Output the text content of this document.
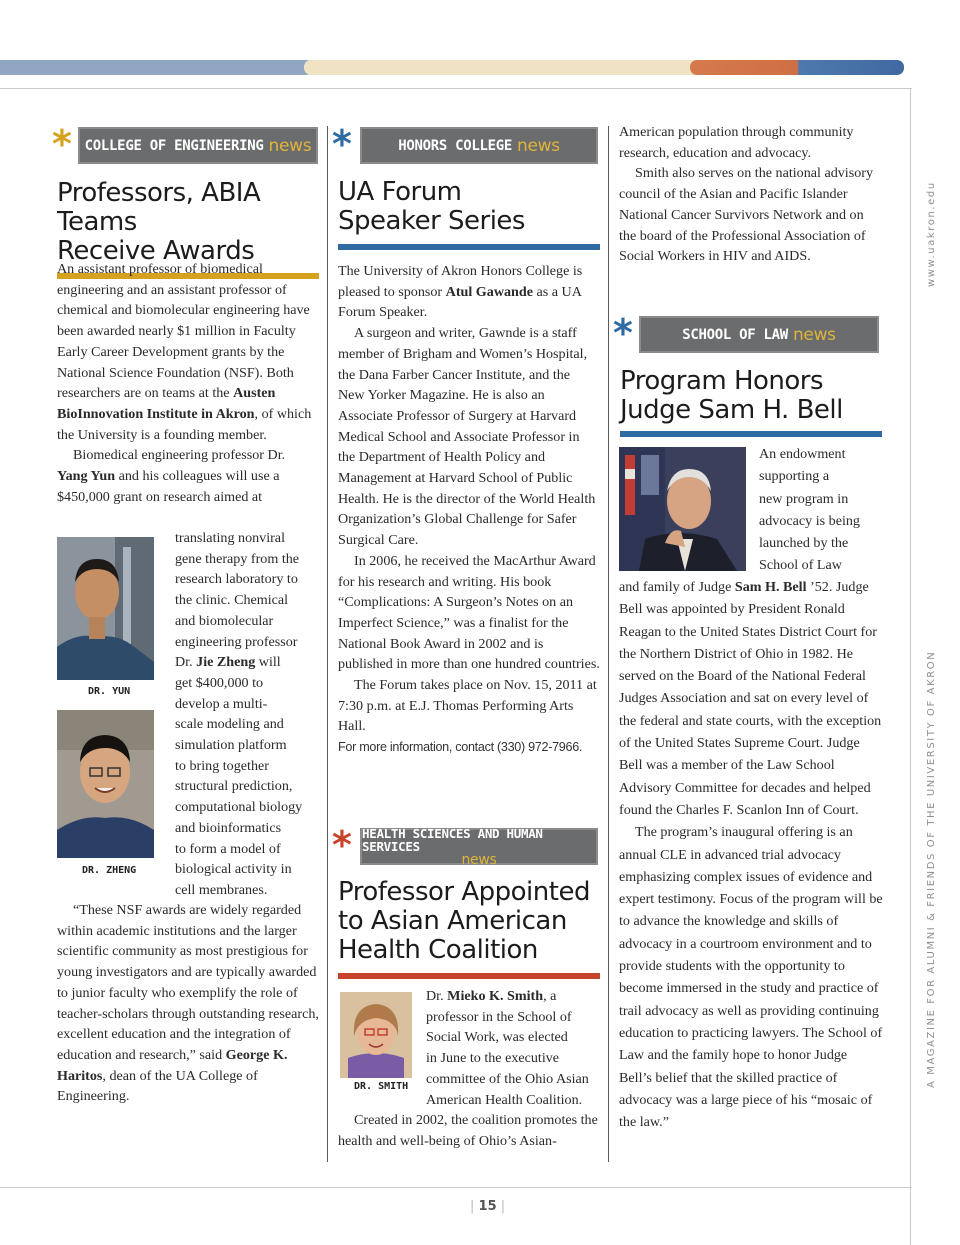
www.uakron.edu
A MAGAZINE FOR ALUMNI & FRIENDS OF THE UNIVERSITY OF AKRON
* COLLEGE OF ENGINEERING news
Professors, ABIA Teams
Receive Awards

An assistant professor of biomedical engineering and an assistant professor of chemical and biomolecular engineering have been awarded nearly $1 million in Faculty Early Career Development grants by the National Science Foundation (NSF). Both researchers are on teams at the Austen BioInnovation Institute in Akron, of which the University is a founding member.

Biomedical engineering professor Dr. Yang Yun and his colleagues will use a $450,000 grant on research aimed at

DR. YUN
DR. ZHENG
translating nonviral
gene therapy from the
research laboratory to
the clinic. Chemical
and biomolecular
engineering professor
Dr. Jie Zheng will
get $400,000 to
develop a multi-
scale modeling and
simulation platform
to bring together
structural prediction,
computational biology
and bioinformatics
to form a model of
biological activity in
cell membranes.

“These NSF awards are widely regarded within academic institutions and the larger scientific community as most prestigious for young investigators and are typically awarded to junior faculty who exemplify the role of teacher-scholars through outstanding research, excellent education and the integration of education and research,” said George K. Haritos, dean of the UA College of Engineering.

*	HONORS COLLEGE news
UA Forum
Speaker Series

The University of Akron Honors College is pleased to sponsor Atul Gawande as a UA Forum Speaker.

A surgeon and writer, Gawnde is a staff member of Brigham and Women’s Hospital, the Dana Farber Cancer Institute, and the New Yorker Magazine. He is also an Associate Professor of Surgery at Harvard Medical School and Associate Professor in the Department of Health Policy and Management at Harvard School of Public Health. He is the director of the World Health Organization’s Global Challenge for Safer Surgical Care.

In 2006, he received the MacArthur Award for his research and writing. His book “Complications: A Surgeon’s Notes on an Imperfect Science,” was a finalist for the National Book Award in 2002 and is published in more than one hundred countries.

The Forum takes place on Nov. 15, 2011 at 7:30 p.m. at E.J. Thomas Performing Arts Hall.

For more information, contact (330) 972-7966.

* HEALTH SCIENCES AND HUMAN SERVICES
news
Professor Appointed
to Asian American
Health Coalition
DR. SMITH
Dr. Mieko K. Smith, a
professor in the School of
Social Work, was elected
in June to the executive
committee of the Ohio Asian
American Health Coalition.

Created in 2002, the coalition promotes the health and well-being of Ohio’s Asian-

American population through community research, education and advocacy.

Smith also serves on the national advisory council of the Asian and Pacific Islander National Cancer Survivors Network and on the board of the Professional Association of Social Workers in HIV and AIDS.

*	SCHOOL OF LAW news
Program Honors
Judge Sam H. Bell
An endowment
supporting a
new program in
advocacy is being
launched by the
School of Law

and family of Judge Sam H. Bell ’52. Judge Bell was appointed by President Ronald Reagan to the United States District Court for the Northern District of Ohio in 1982. He served on the Board of the National Federal Judges Association and sat on every level of the federal and state courts, with the exception of the United States Supreme Court. Judge Bell was a member of the Law School Advisory Committee for decades and helped found the Charles F. Scanlon Inn of Court.

The program’s inaugural offering is an annual CLE in advanced trial advocacy emphasizing complex issues of evidence and expert testimony. Focus of the program will be to advance the knowledge and skills of advocacy in a courtroom environment and to provide students with the opportunity to become immersed in the study and practice of trail advocacy as well as providing continuing education to practicing lawyers. The School of Law and the family hope to honor Judge Bell’s belief that the skilled practice of advocacy was a large piece of his “mosaic of the law.”

| 15 |
